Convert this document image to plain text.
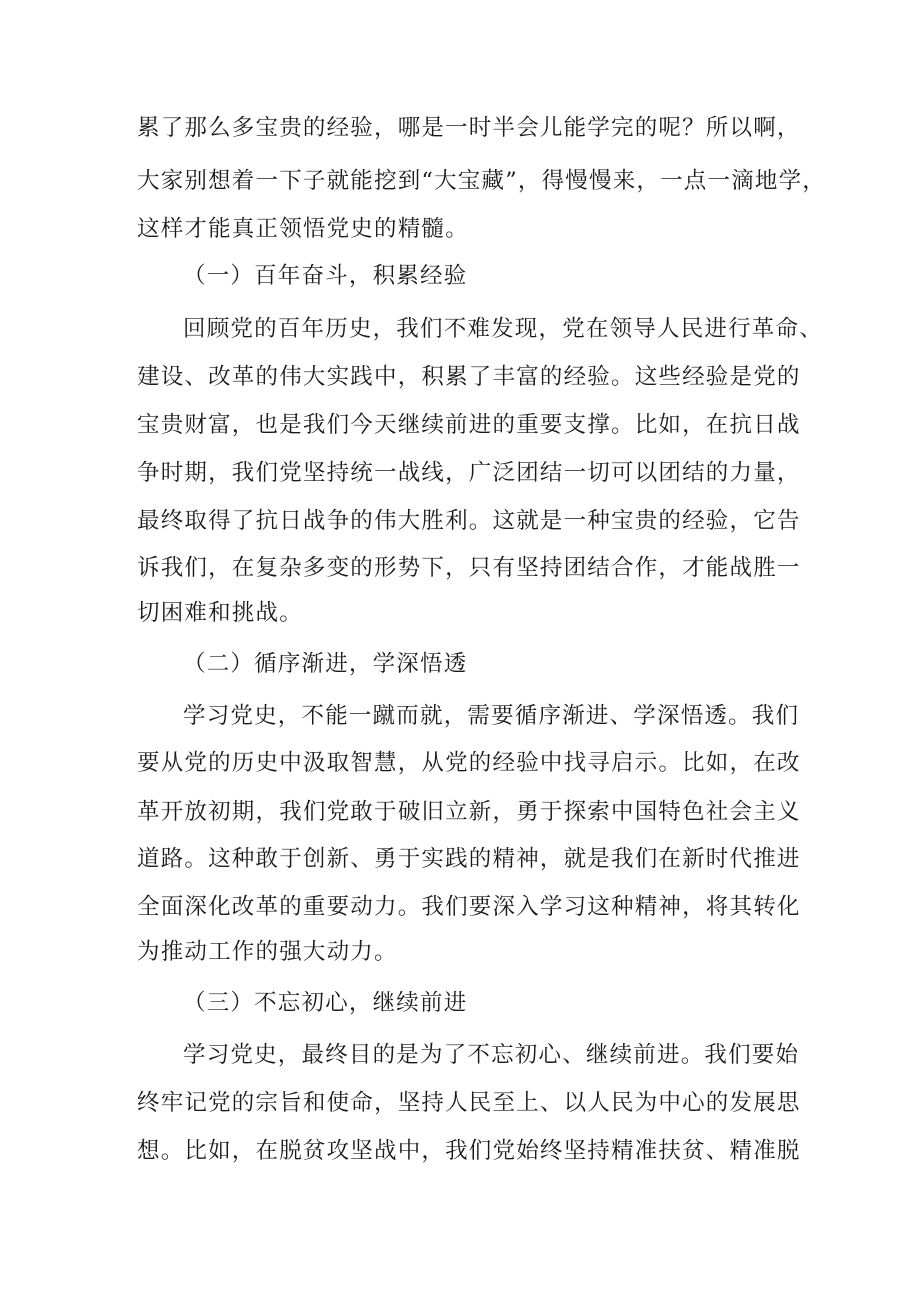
累了那么多宝贵的经验，哪是一时半会儿能学完的呢？所以啊，

大家别想着一下子就能挖到“大宝藏”，得慢慢来，一点一滴地学，

这样才能真正领悟党史的精髓。

（一）百年奋斗，积累经验

回顾党的百年历史，我们不难发现，党在领导人民进行革命、

建设、改革的伟大实践中，积累了丰富的经验。这些经验是党的

宝贵财富，也是我们今天继续前进的重要支撑。比如，在抗日战

争时期，我们党坚持统一战线，广泛团结一切可以团结的力量，

最终取得了抗日战争的伟大胜利。这就是一种宝贵的经验，它告

诉我们，在复杂多变的形势下，只有坚持团结合作，才能战胜一

切困难和挑战。

（二）循序渐进，学深悟透

学习党史，不能一蹴而就，需要循序渐进、学深悟透。我们

要从党的历史中汲取智慧，从党的经验中找寻启示。比如，在改

革开放初期，我们党敢于破旧立新，勇于探索中国特色社会主义

道路。这种敢于创新、勇于实践的精神，就是我们在新时代推进

全面深化改革的重要动力。我们要深入学习这种精神，将其转化

为推动工作的强大动力。

（三）不忘初心，继续前进

学习党史，最终目的是为了不忘初心、继续前进。我们要始

终牢记党的宗旨和使命，坚持人民至上、以人民为中心的发展思

想。比如，在脱贫攻坚战中，我们党始终坚持精准扶贫、精准脱
